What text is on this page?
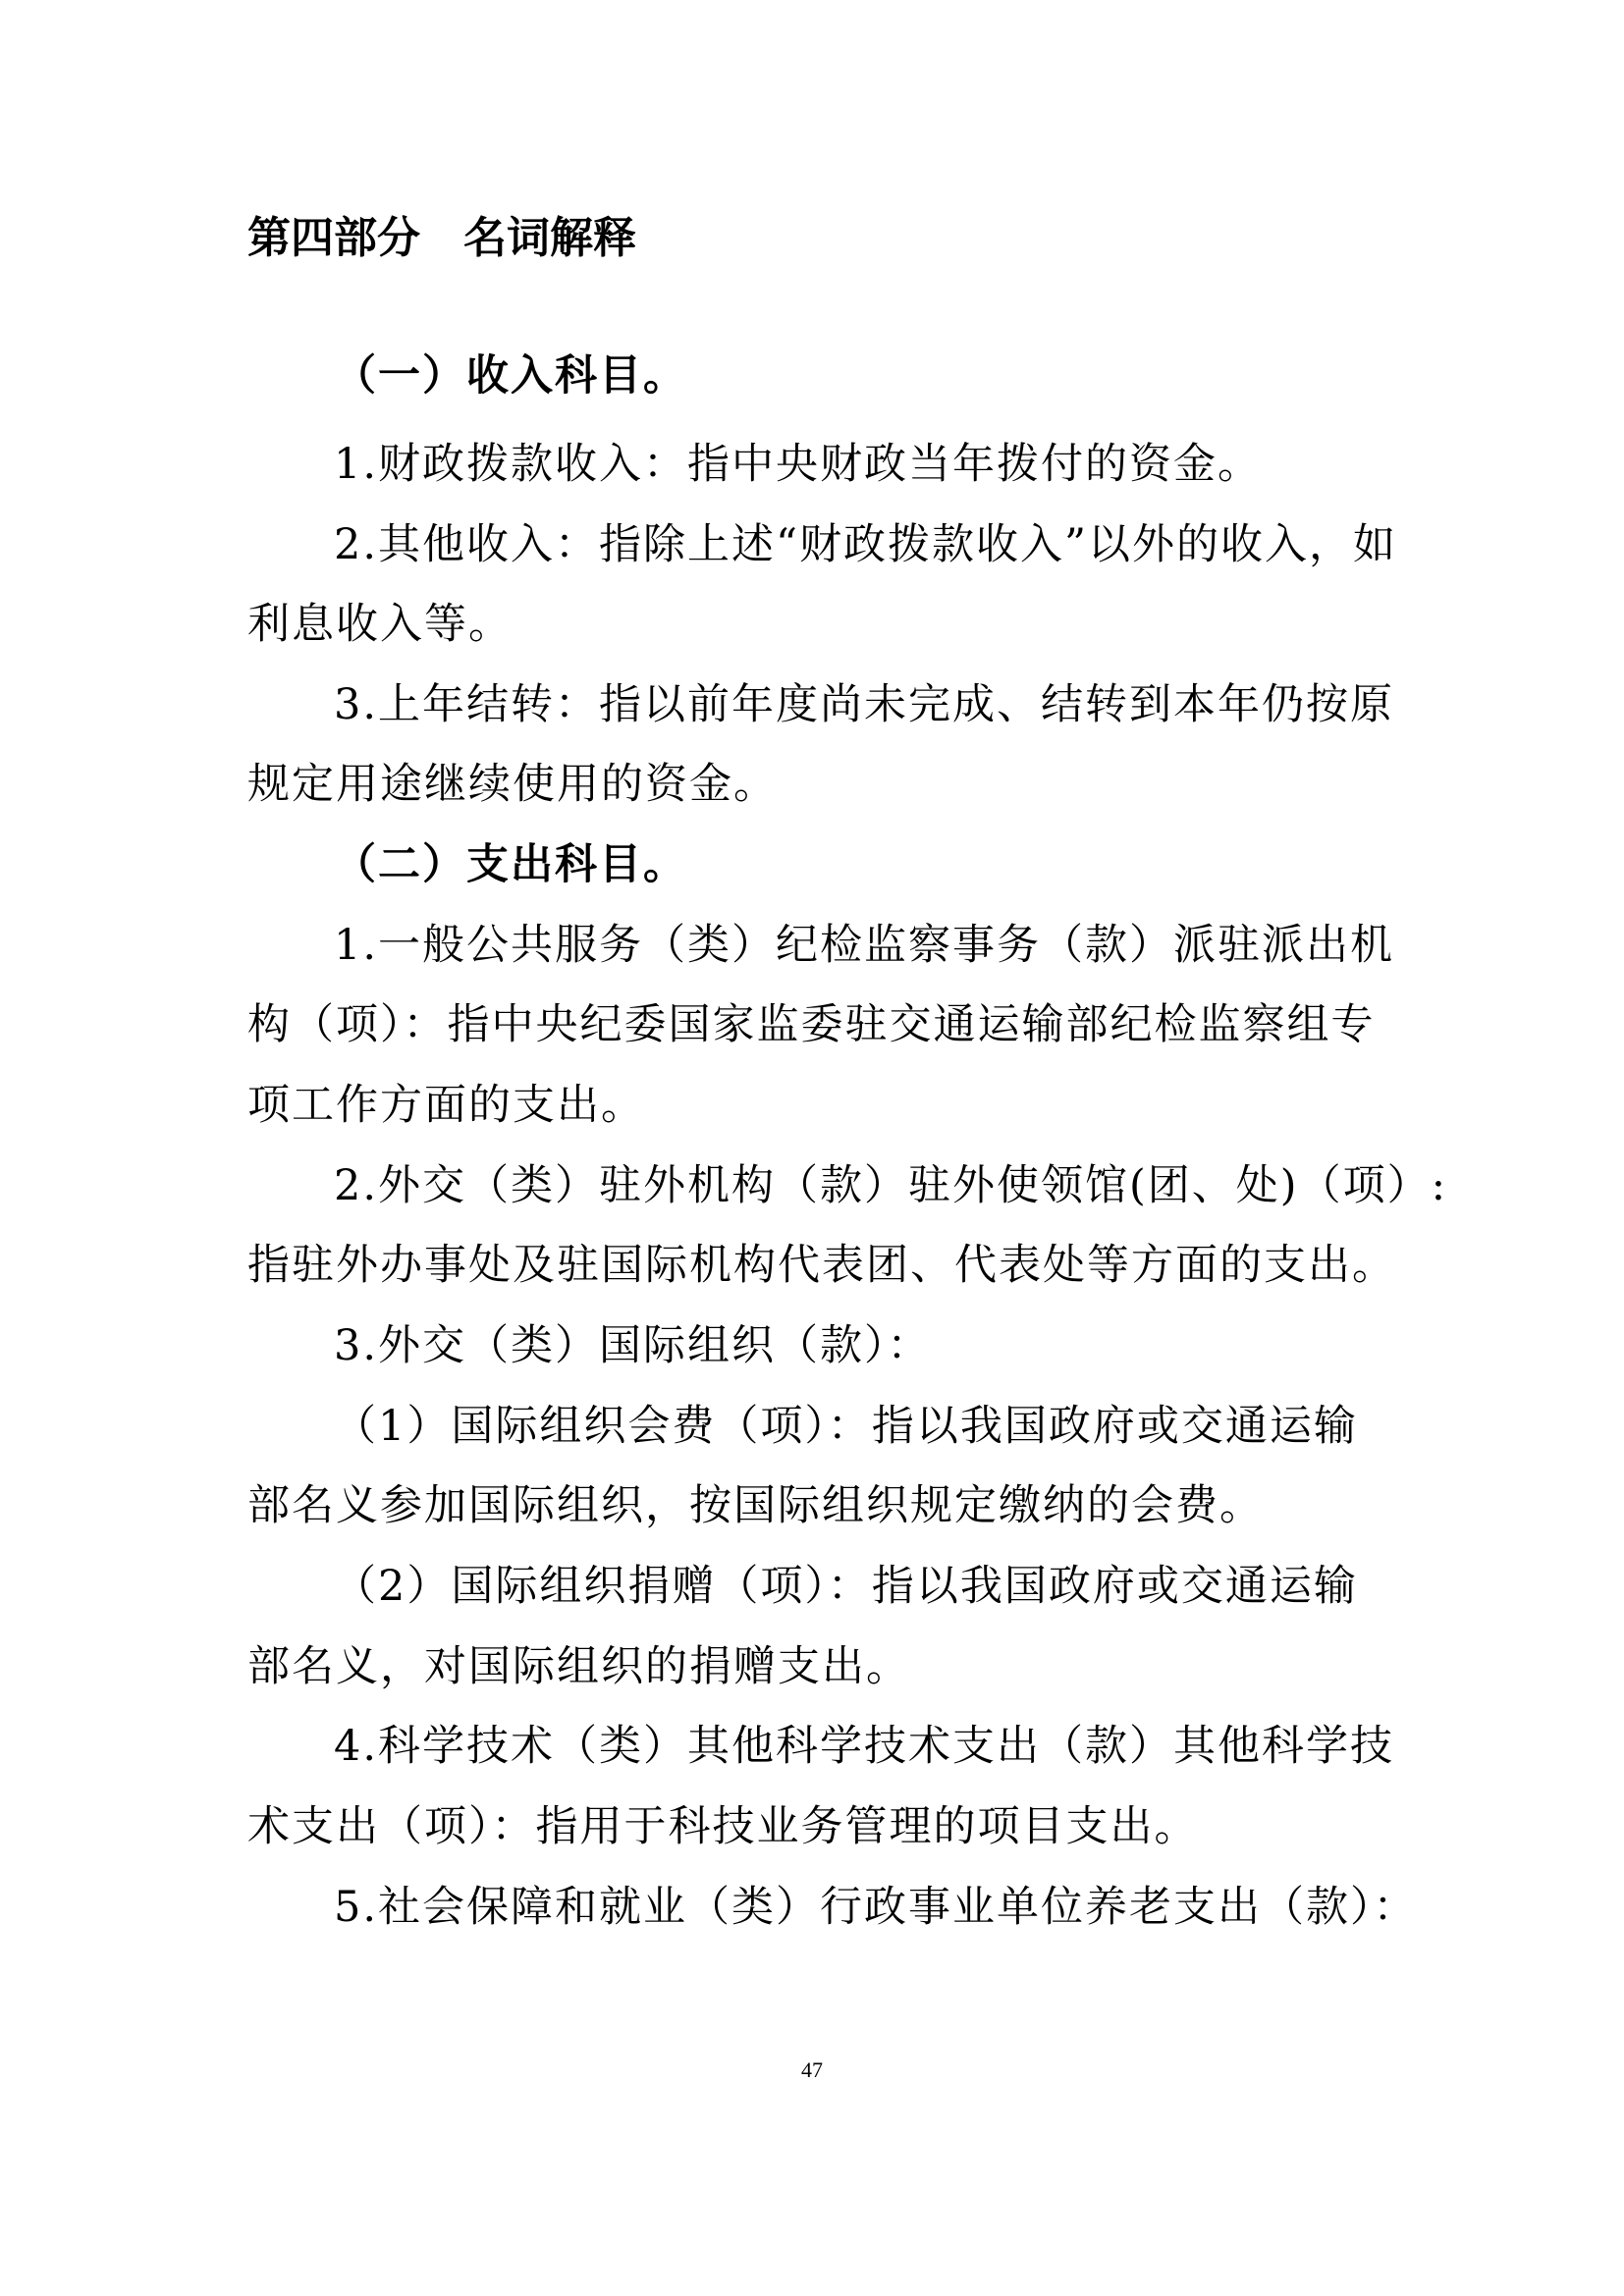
第四部分　名词解释
（一）收入科目。
1.财政拨款收入：指中央财政当年拨付的资金。
2.其他收入：指除上述“财政拨款收入”以外的收入，如
利息收入等。
3.上年结转：指以前年度尚未完成、结转到本年仍按原
规定用途继续使用的资金。
（二）支出科目。
1.一般公共服务（类）纪检监察事务（款）派驻派出机
构（项）：指中央纪委国家监委驻交通运输部纪检监察组专
项工作方面的支出。
2.外交（类）驻外机构（款）驻外使领馆(团、处)（项）:
指驻外办事处及驻国际机构代表团、代表处等方面的支出。
3.外交（类）国际组织（款）：
（1）国际组织会费（项）：指以我国政府或交通运输
部名义参加国际组织，按国际组织规定缴纳的会费。
（2）国际组织捐赠（项）：指以我国政府或交通运输
部名义，对国际组织的捐赠支出。
4.科学技术（类）其他科学技术支出（款）其他科学技
术支出（项）：指用于科技业务管理的项目支出。
5.社会保障和就业（类）行政事业单位养老支出（款）：
47
